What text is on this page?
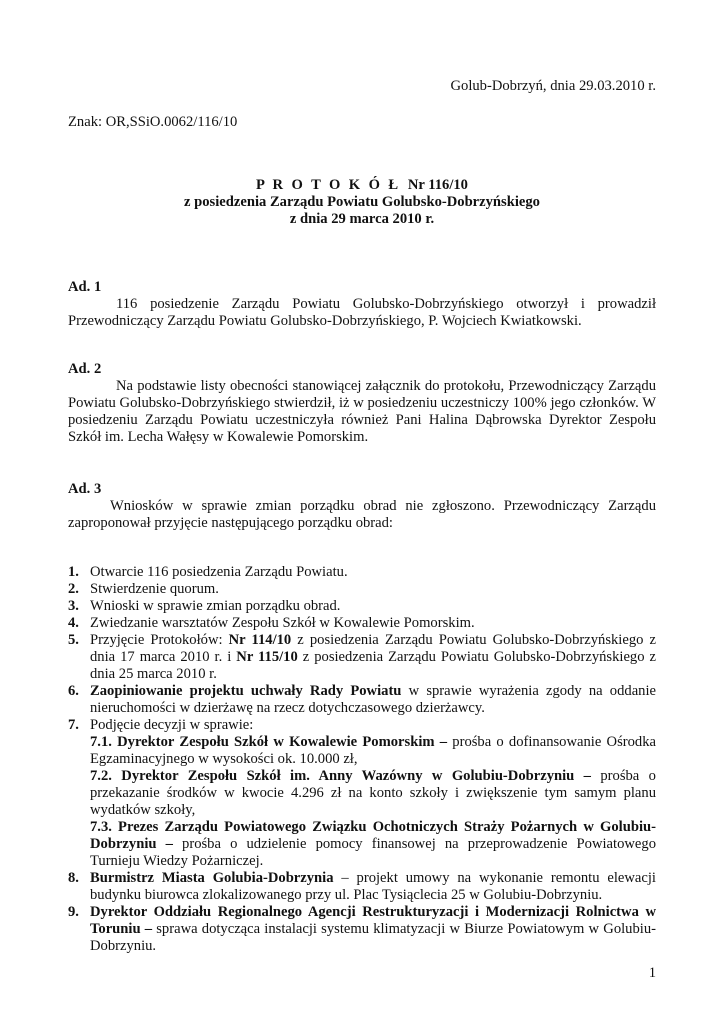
Golub-Dobrzyń, dnia 29.03.2010 r.
Znak: OR,SSiO.0062/116/10
P R O T O K Ó Ł Nr 116/10
z posiedzenia Zarządu Powiatu Golubsko-Dobrzyńskiego
z dnia 29 marca 2010 r.
Ad. 1
116 posiedzenie Zarządu Powiatu Golubsko-Dobrzyńskiego otworzył i prowadził Przewodniczący Zarządu Powiatu Golubsko-Dobrzyńskiego, P. Wojciech Kwiatkowski.
Ad. 2
Na podstawie listy obecności stanowiącej załącznik do protokołu, Przewodniczący Zarządu Powiatu Golubsko-Dobrzyńskiego stwierdził, iż w posiedzeniu uczestniczy 100% jego członków. W posiedzeniu Zarządu Powiatu uczestniczyła również Pani Halina Dąbrowska Dyrektor Zespołu Szkół im. Lecha Wałęsy w Kowalewie Pomorskim.
Ad. 3
Wniosków w sprawie zmian porządku obrad nie zgłoszono. Przewodniczący Zarządu zaproponował przyjęcie następującego porządku obrad:
1. Otwarcie 116 posiedzenia Zarządu Powiatu.
2. Stwierdzenie quorum.
3. Wnioski w sprawie zmian porządku obrad.
4. Zwiedzanie warsztatów Zespołu Szkół w Kowalewie Pomorskim.
5. Przyjęcie Protokołów: Nr 114/10 z posiedzenia Zarządu Powiatu Golubsko-Dobrzyńskiego z dnia 17 marca 2010 r. i Nr 115/10 z posiedzenia Zarządu Powiatu Golubsko-Dobrzyńskiego z dnia 25 marca 2010 r.
6. Zaopiniowanie projektu uchwały Rady Powiatu w sprawie wyrażenia zgody na oddanie nieruchomości w dzierżawę na rzecz dotychczasowego dzierżawcy.
7. Podjęcie decyzji w sprawie:
7.1. Dyrektor Zespołu Szkół w Kowalewie Pomorskim – prośba o dofinansowanie Ośrodka Egzaminacyjnego w wysokości ok. 10.000 zł,
7.2. Dyrektor Zespołu Szkół im. Anny Wazówny w Golubiu-Dobrzyniu – prośba o przekazanie środków w kwocie 4.296 zł na konto szkoły i zwiększenie tym samym planu wydatków szkoły,
7.3. Prezes Zarządu Powiatowego Związku Ochotniczych Straży Pożarnych w Golubiu-Dobrzyniu – prośba o udzielenie pomocy finansowej na przeprowadzenie Powiatowego Turnieju Wiedzy Pożarniczej.
8. Burmistrz Miasta Golubia-Dobrzynia – projekt umowy na wykonanie remontu elewacji budynku biurowca zlokalizowanego przy ul. Plac Tysiąclecia 25 w Golubiu-Dobrzyniu.
9. Dyrektor Oddziału Regionalnego Agencji Restrukturyzacji i Modernizacji Rolnictwa w Toruniu – sprawa dotycząca instalacji systemu klimatyzacji w Biurze Powiatowym w Golubiu-Dobrzyniu.
1
